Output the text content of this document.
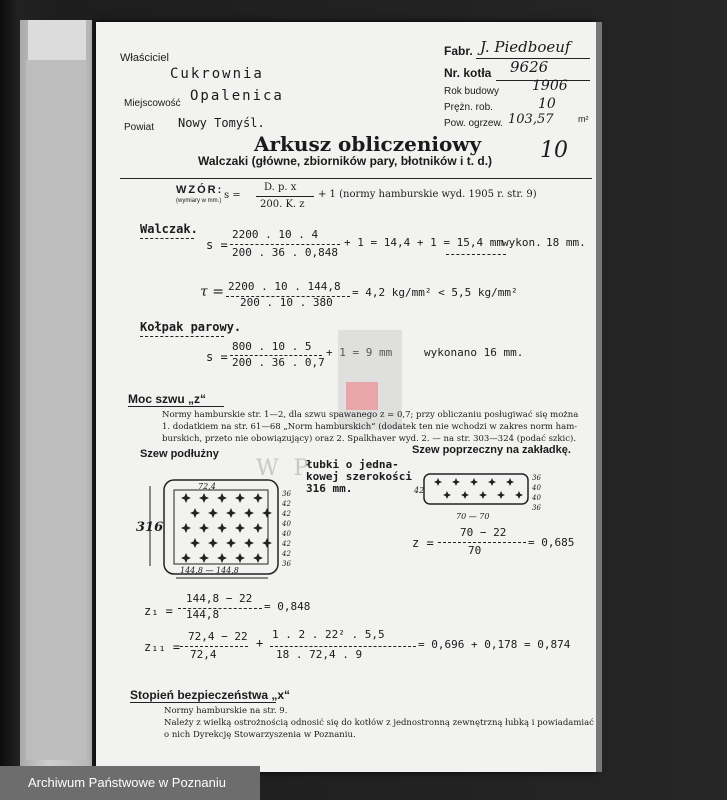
Właściciel
Cukrownia
Miejscowość Opalenica
Powiat Nowy Tomyśl.
Fabr. J. Piedboeuf
Nr. kotła 9626
Rok budowy 1906
Prężn. rob.	10
Pow. ogrzew. 103,57	m²
Arkusz obliczeniowy
Walczaki (główne, zbiorników pary, błotników i t. d.) 10
WZÓR:
(wymiary w mm.) s =
D. p. x
200. K. z
+ 1 (normy hamburskie wyd. 1905 r. str. 9)
Walczak.
s =
2200 . 10 . 4
200 . 36 . 0,848
+ 1 = 14,4 + 1 = 15,4 mm wykon. 18 mm.
τ = 2200 . 10 . 144,8
200 . 10 . 380
= 4,2 kg/mm² < 5,5 kg/mm²
Kołpak parowy.
s =
800 . 10 . 5
200 . 36 . 0,7
+ 1 = 9 mm	wykonano 16 mm.
Moc szwu „z“
Normy hamburskie str. 1—2, dla szwu spawanego z = 0,7; przy obliczaniu posługiwać się można
1. dodatkiem na str. 61—68 „Norm hamburskich“ (dodatek ten nie wchodzi w zakres norm ham-
burskich, przeto nie obowiązujący) oraz 2. Spalkhaver wyd. 2. — na str. 303—324 (podać szkic).
Szew podłużny	Szew poprzeczny na zakładkę.
łubki o jedna-
kowej szerokości
316 mm.
316
72,4
144,8 — 144,8
36
42
42
40
40
42
42
36
42
70 — 70
36
40
40
36
z =
70 − 22
70
= 0,685
z₁ =
144,8 − 22
144,8
= 0,848
z₁₁ =
72,4 − 22
72,4
+
1 . 2 . 22² . 5,5
18 . 72,4 . 9
= 0,696 + 0,178 = 0,874
Stopień bezpieczeństwa „x“
Normy hamburskie na str. 9.
Należy z wielką ostrożnością odnosić się do kotłów z jednostronną zewnętrzną łubką i powiadamiać
o nich Dyrekcję Stowarzyszenia w Poznaniu.
W P
Archiwum Państwowe w Poznaniu
